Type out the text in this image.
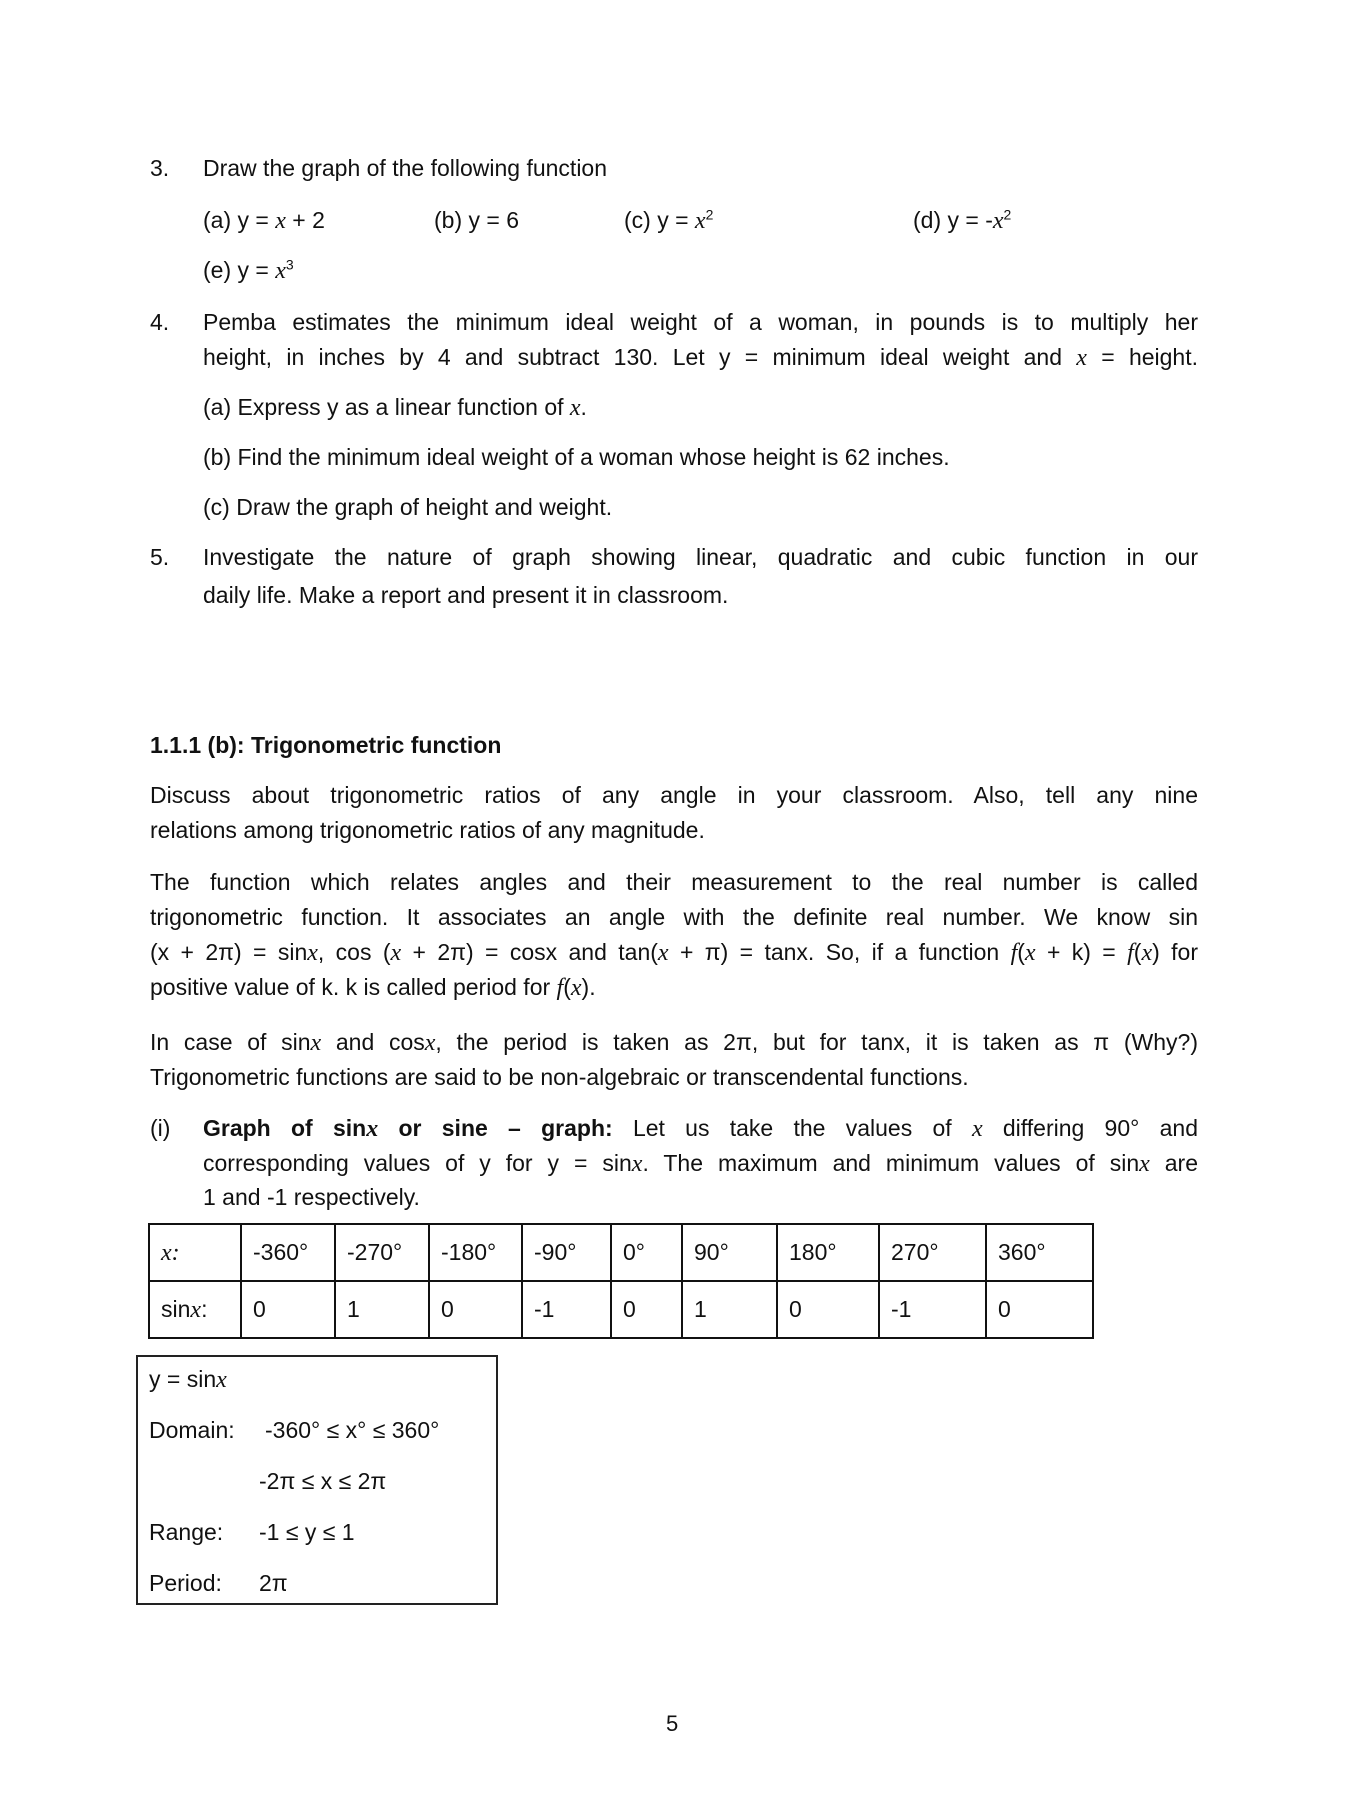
3. Draw the graph of the following function
(a) y = x + 2	(b) y = 6	(c) $y = x^2$	(d) $y = -x^2$
(e) $y = x^3$
4. Pemba estimates the minimum ideal weight of a woman, in pounds is to multiply her
height, in inches by 4 and subtract 130. Let y = minimum ideal weight and x = height.
(a) Express y as a linear function of x.
(b) Find the minimum ideal weight of a woman whose height is 62 inches.
(c) Draw the graph of height and weight.
5. Investigate the nature of graph showing linear, quadratic and cubic function in our
daily life. Make a report and present it in classroom.
1.1.1 (b): Trigonometric function
Discuss about trigonometric ratios of any angle in your classroom. Also, tell any nine
relations among trigonometric ratios of any magnitude.
The function which relates angles and their measurement to the real number is called
trigonometric function. It associates an angle with the definite real number. We know sin
(x + 2π) = sinx, cos (x + 2π) = cosx and tan(x + π) = tanx. So, if a function f(x + k) = f(x) for
positive value of k. k is called period for f(x).
In case of sinx and cosx, the period is taken as 2π, but for tanx, it is taken as π (Why?)
Trigonometric functions are said to be non-algebraic or transcendental functions.
(i) Graph of sinx or sine – graph: Let us take the values of x differing 90° and
corresponding values of y for y = sinx. The maximum and minimum values of sinx are
1 and -1 respectively.
x:	-360°	-270°	-180°	-90°	0°	90°	180°	270°	360°
sinx:	0	1	0	-1	0	1	0	-1	0
y = sinx
Domain: -360° ≤ x° ≤ 360°
-2π ≤ x ≤ 2π
Range: -1 ≤ y ≤ 1
Period: 2π
5
